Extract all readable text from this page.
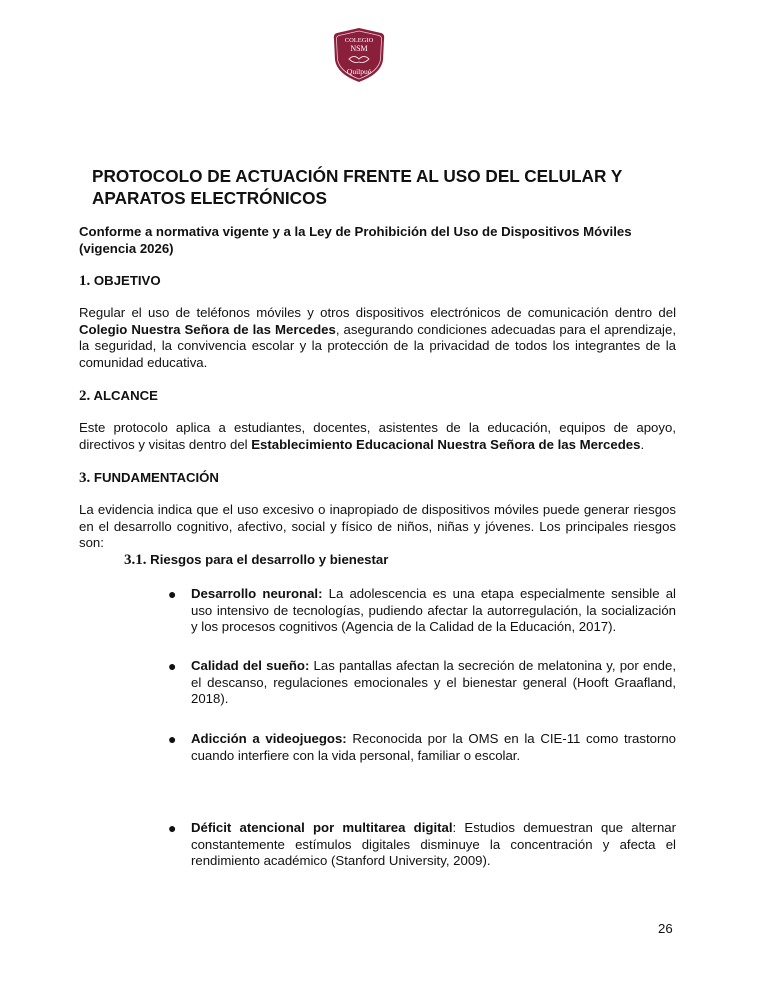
COLEGIO
NSM
Quilpué
PROTOCOLO DE ACTUACIÓN FRENTE AL USO DEL CELULAR Y APARATOS ELECTRÓNICOS
Conforme a normativa vigente y a la Ley de Prohibición del Uso de Dispositivos Móviles (vigencia 2026)
1. OBJETIVO
Regular el uso de teléfonos móviles y otros dispositivos electrónicos de comunicación dentro del Colegio Nuestra Señora de las Mercedes, asegurando condiciones adecuadas para el aprendizaje, la seguridad, la convivencia escolar y la protección de la privacidad de todos los integrantes de la comunidad educativa.
2. ALCANCE
Este protocolo aplica a estudiantes, docentes, asistentes de la educación, equipos de apoyo, directivos y visitas dentro del Establecimiento Educacional Nuestra Señora de las Mercedes.
3. FUNDAMENTACIÓN
La evidencia indica que el uso excesivo o inapropiado de dispositivos móviles puede generar riesgos en el desarrollo cognitivo, afectivo, social y físico de niños, niñas y jóvenes. Los principales riesgos son:
3.1. Riesgos para el desarrollo y bienestar
● Desarrollo neuronal: La adolescencia es una etapa especialmente sensible al uso intensivo de tecnologías, pudiendo afectar la autorregulación, la socialización y los procesos cognitivos (Agencia de la Calidad de la Educación, 2017).
● Calidad del sueño: Las pantallas afectan la secreción de melatonina y, por ende, el descanso, regulaciones emocionales y el bienestar general (Hooft Graafland, 2018).
● Adicción a videojuegos: Reconocida por la OMS en la CIE-11 como trastorno cuando interfiere con la vida personal, familiar o escolar.
● Déficit atencional por multitarea digital: Estudios demuestran que alternar constantemente estímulos digitales disminuye la concentración y afecta el rendimiento académico (Stanford University, 2009).
26
